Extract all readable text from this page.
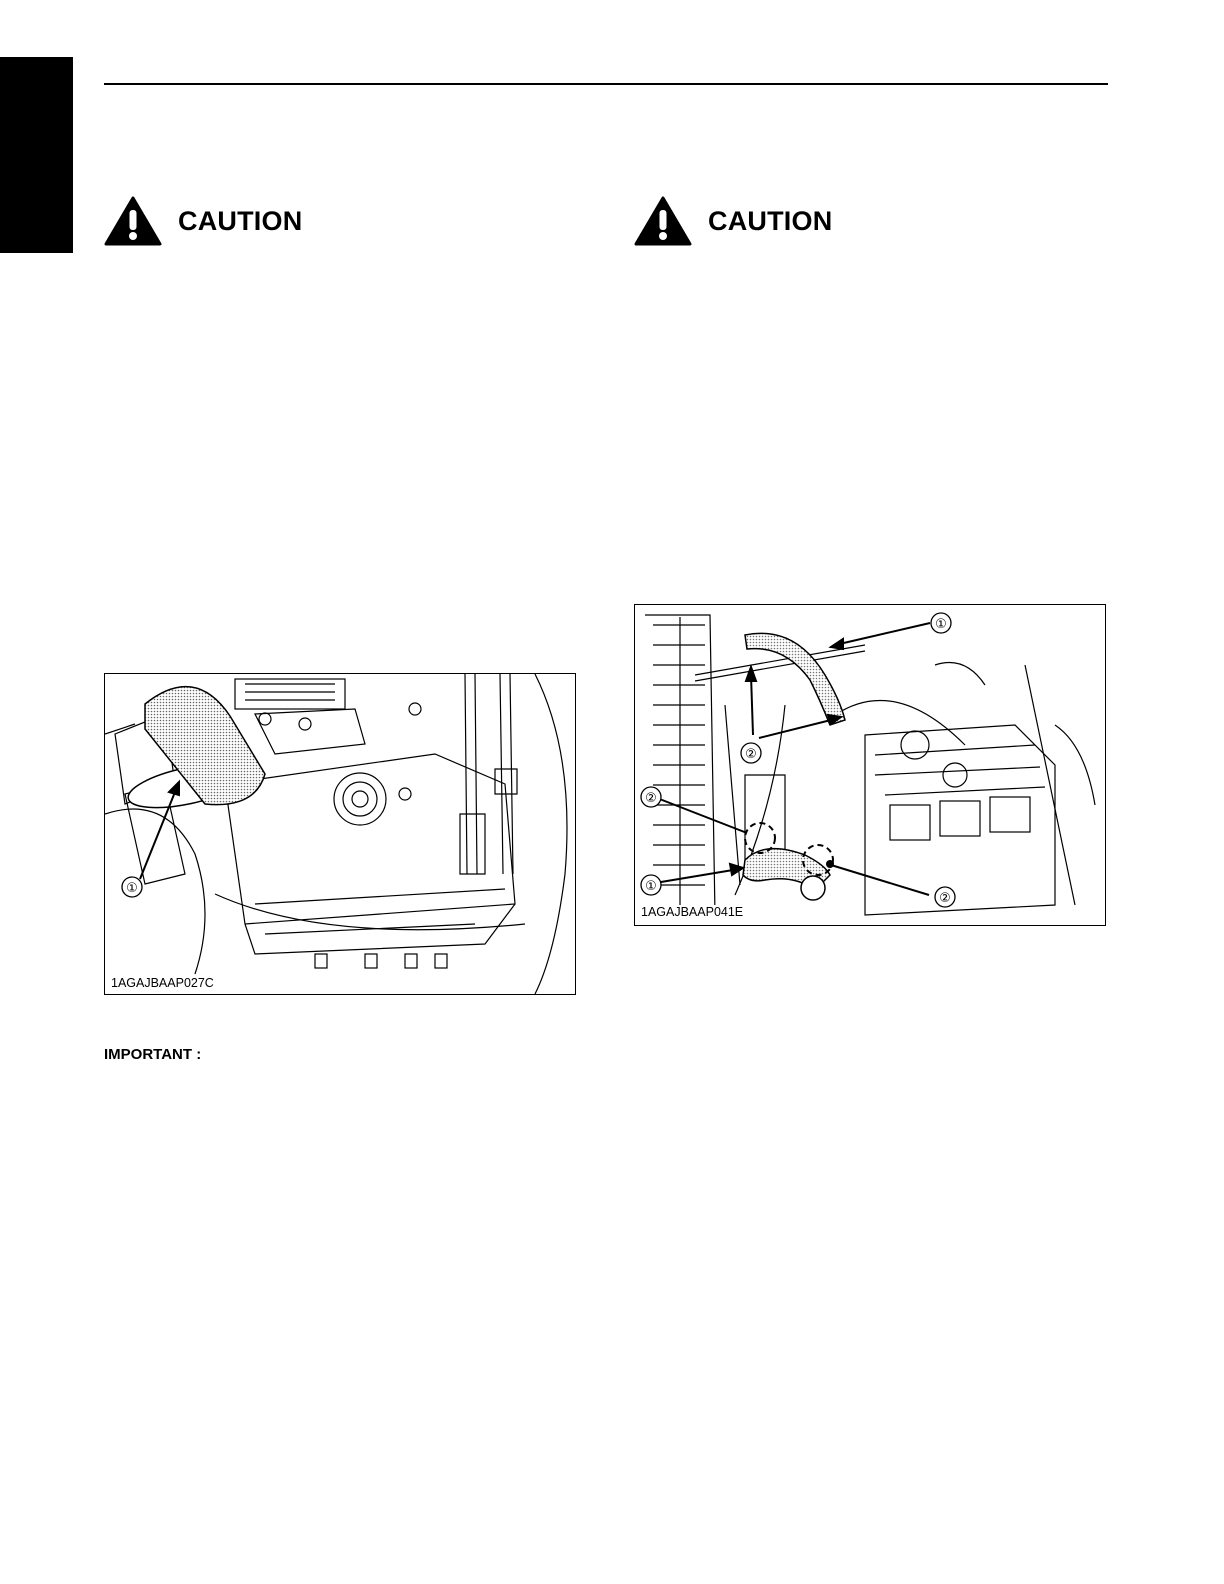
CAUTION	CAUTION
①
②
②
①
②
1AGAJBAAP041E
①
1AGAJBAAP027C
IMPORTANT :
